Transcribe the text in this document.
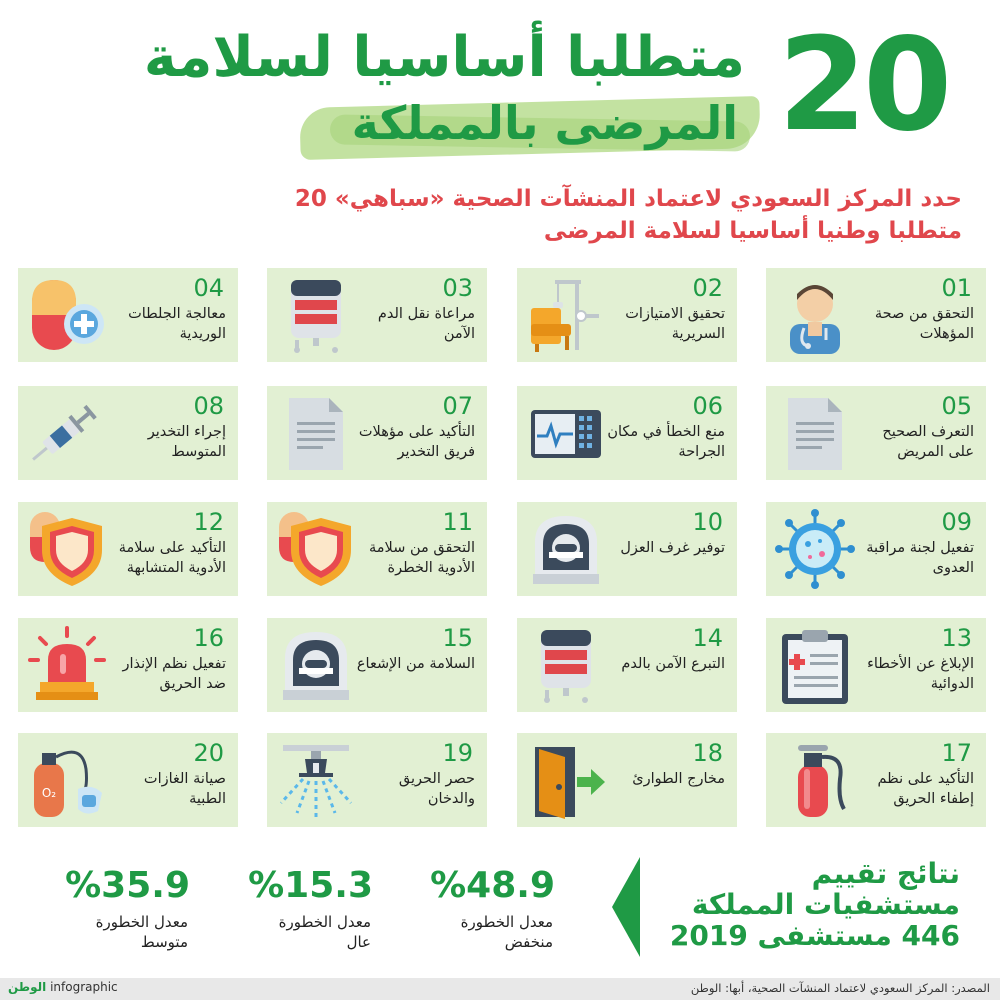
20
متطلبا أساسيا لسلامة
المرضى بالمملكة
حدد المركز السعودي لاعتماد المنشآت الصحية «سباهي» 20 متطلبا وطنيا أساسيا لسلامة المرضى
01
التحقق من صحة المؤهلات
02
تحقيق الامتيازات السريرية
03
مراعاة نقل الدم الآمن
04
معالجة الجلطات الوريدية
05
التعرف الصحيح على المريض
06
منع الخطأ في مكان الجراحة
07
التأكيد على مؤهلات فريق التخدير
08
إجراء التخدير المتوسط
09
تفعيل لجنة مراقبة العدوى
10
توفير غرف العزل
11
التحقق من سلامة الأدوية الخطرة
12
التأكيد على سلامة الأدوية المتشابهة
13
الإبلاغ عن الأخطاء الدوائية
14
التبرع الآمن بالدم
15
السلامة من الإشعاع
16
تفعيل نظم الإنذار ضد الحريق
17
التأكيد على نظم إطفاء الحريق
18
مخارج الطوارئ
19
حصر الحريق والدخان
20
صيانة الغازات الطبية
O₂
نتائج تقييم
مستشفيات المملكة
446 مستشفى 2019
%48.9
معدل الخطورة
منخفض
%15.3
معدل الخطورة
عال
%35.9
معدل الخطورة
متوسط
المصدر: المركز السعودي لاعتماد المنشآت الصحية، أبها: الوطن
الوطن infographic
